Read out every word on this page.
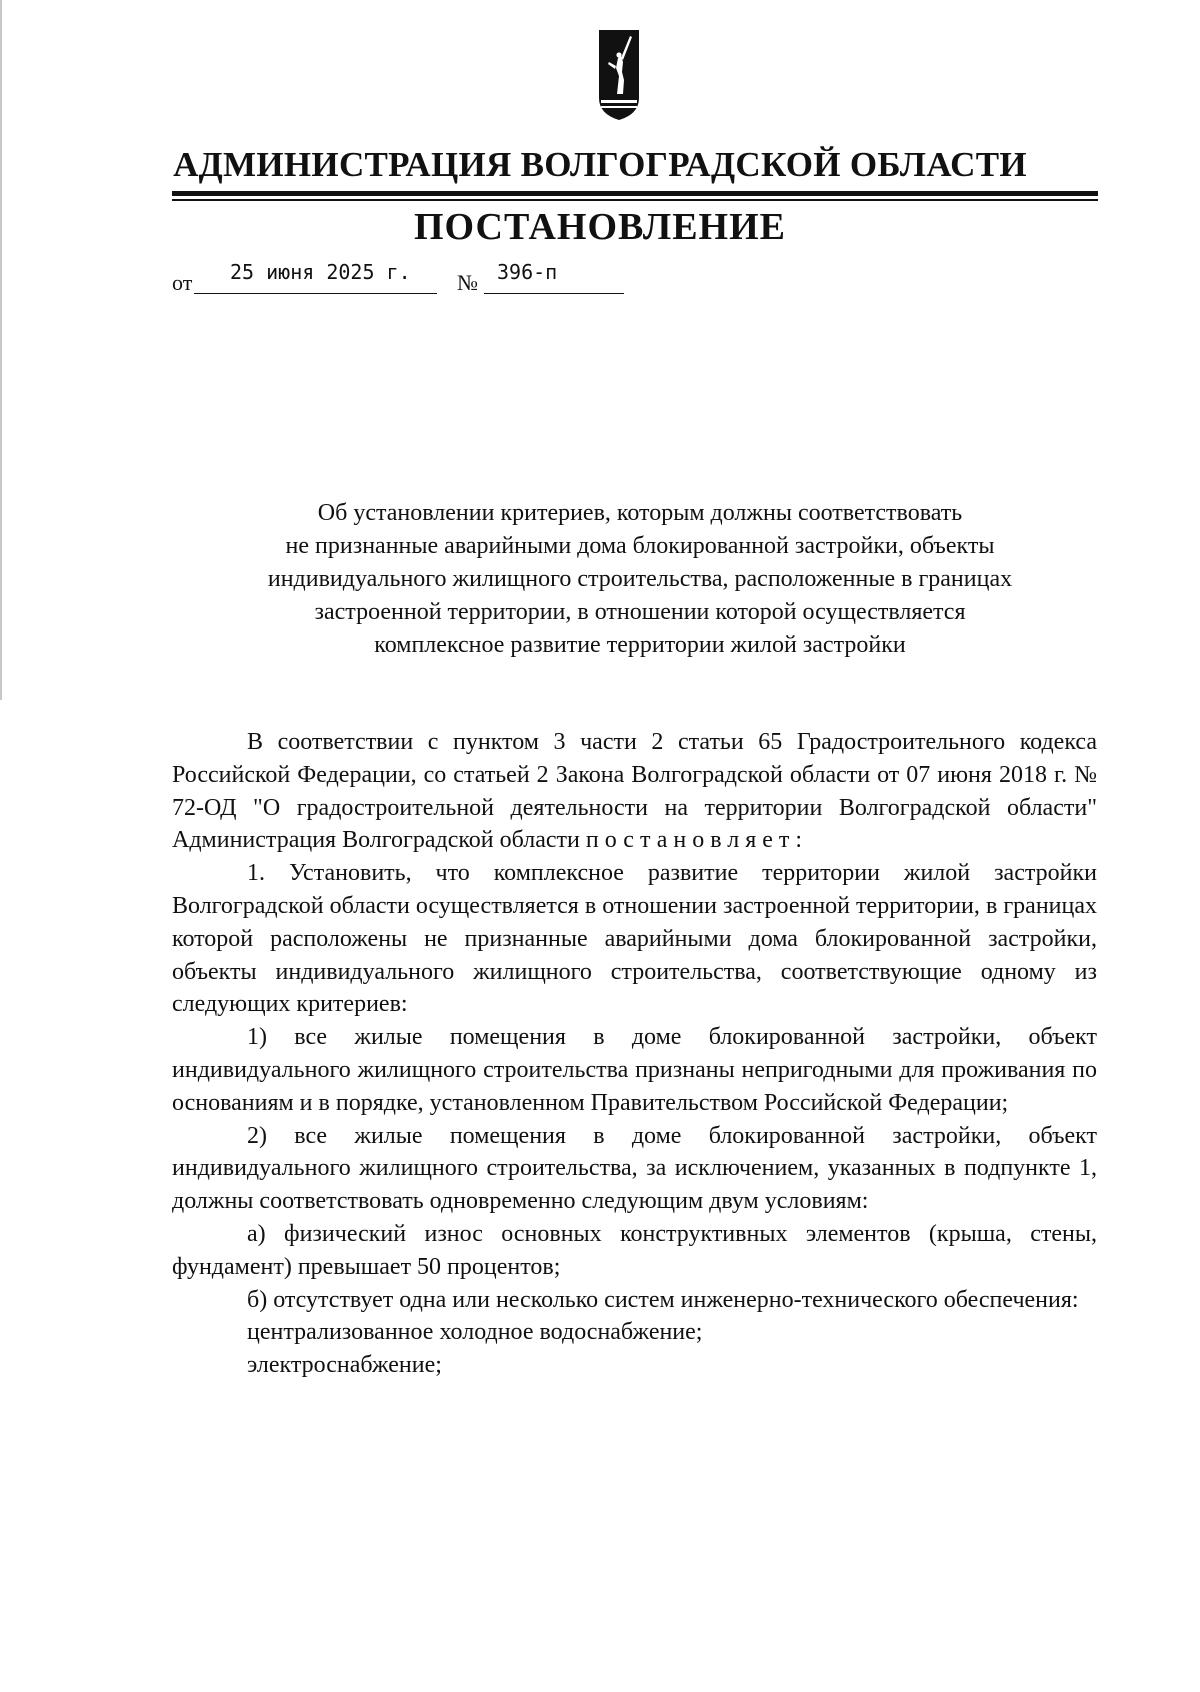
АДМИНИСТРАЦИЯ ВОЛГОГРАДСКОЙ ОБЛАСТИ
ПОСТАНОВЛЕНИЕ
от 25 июня 2025 г. № 396-п
Об установлении критериев, которым должны соответствовать
не признанные аварийными дома блокированной застройки, объекты
индивидуального жилищного строительства, расположенные в границах
застроенной территории, в отношении которой осуществляется
комплексное развитие территории жилой застройки

В соответствии с пунктом 3 части 2 статьи 65 Градостроительного кодекса Российской Федерации, со статьей 2 Закона Волгоградской области от 07 июня 2018 г. № 72-ОД "О градостроительной деятельности на территории Волгоградской области" Администрация Волгоградской области постановляет:

1. Установить, что комплексное развитие территории жилой застройки Волгоградской области осуществляется в отношении застроенной территории, в границах которой расположены не признанные аварийными дома блокированной застройки, объекты индивидуального жилищного строительства, соответствующие одному из следующих критериев:

1) все жилые помещения в доме блокированной застройки, объект индивидуального жилищного строительства признаны непригодными для проживания по основаниям и в порядке, установленном Правительством Российской Федерации;

2) все жилые помещения в доме блокированной застройки, объект индивидуального жилищного строительства, за исключением, указанных в подпункте 1, должны соответствовать одновременно следующим двум условиям:

а) физический износ основных конструктивных элементов (крыша, стены, фундамент) превышает 50 процентов;

б) отсутствует одна или несколько систем инженерно-технического обеспечения:

централизованное холодное водоснабжение;

электроснабжение;
